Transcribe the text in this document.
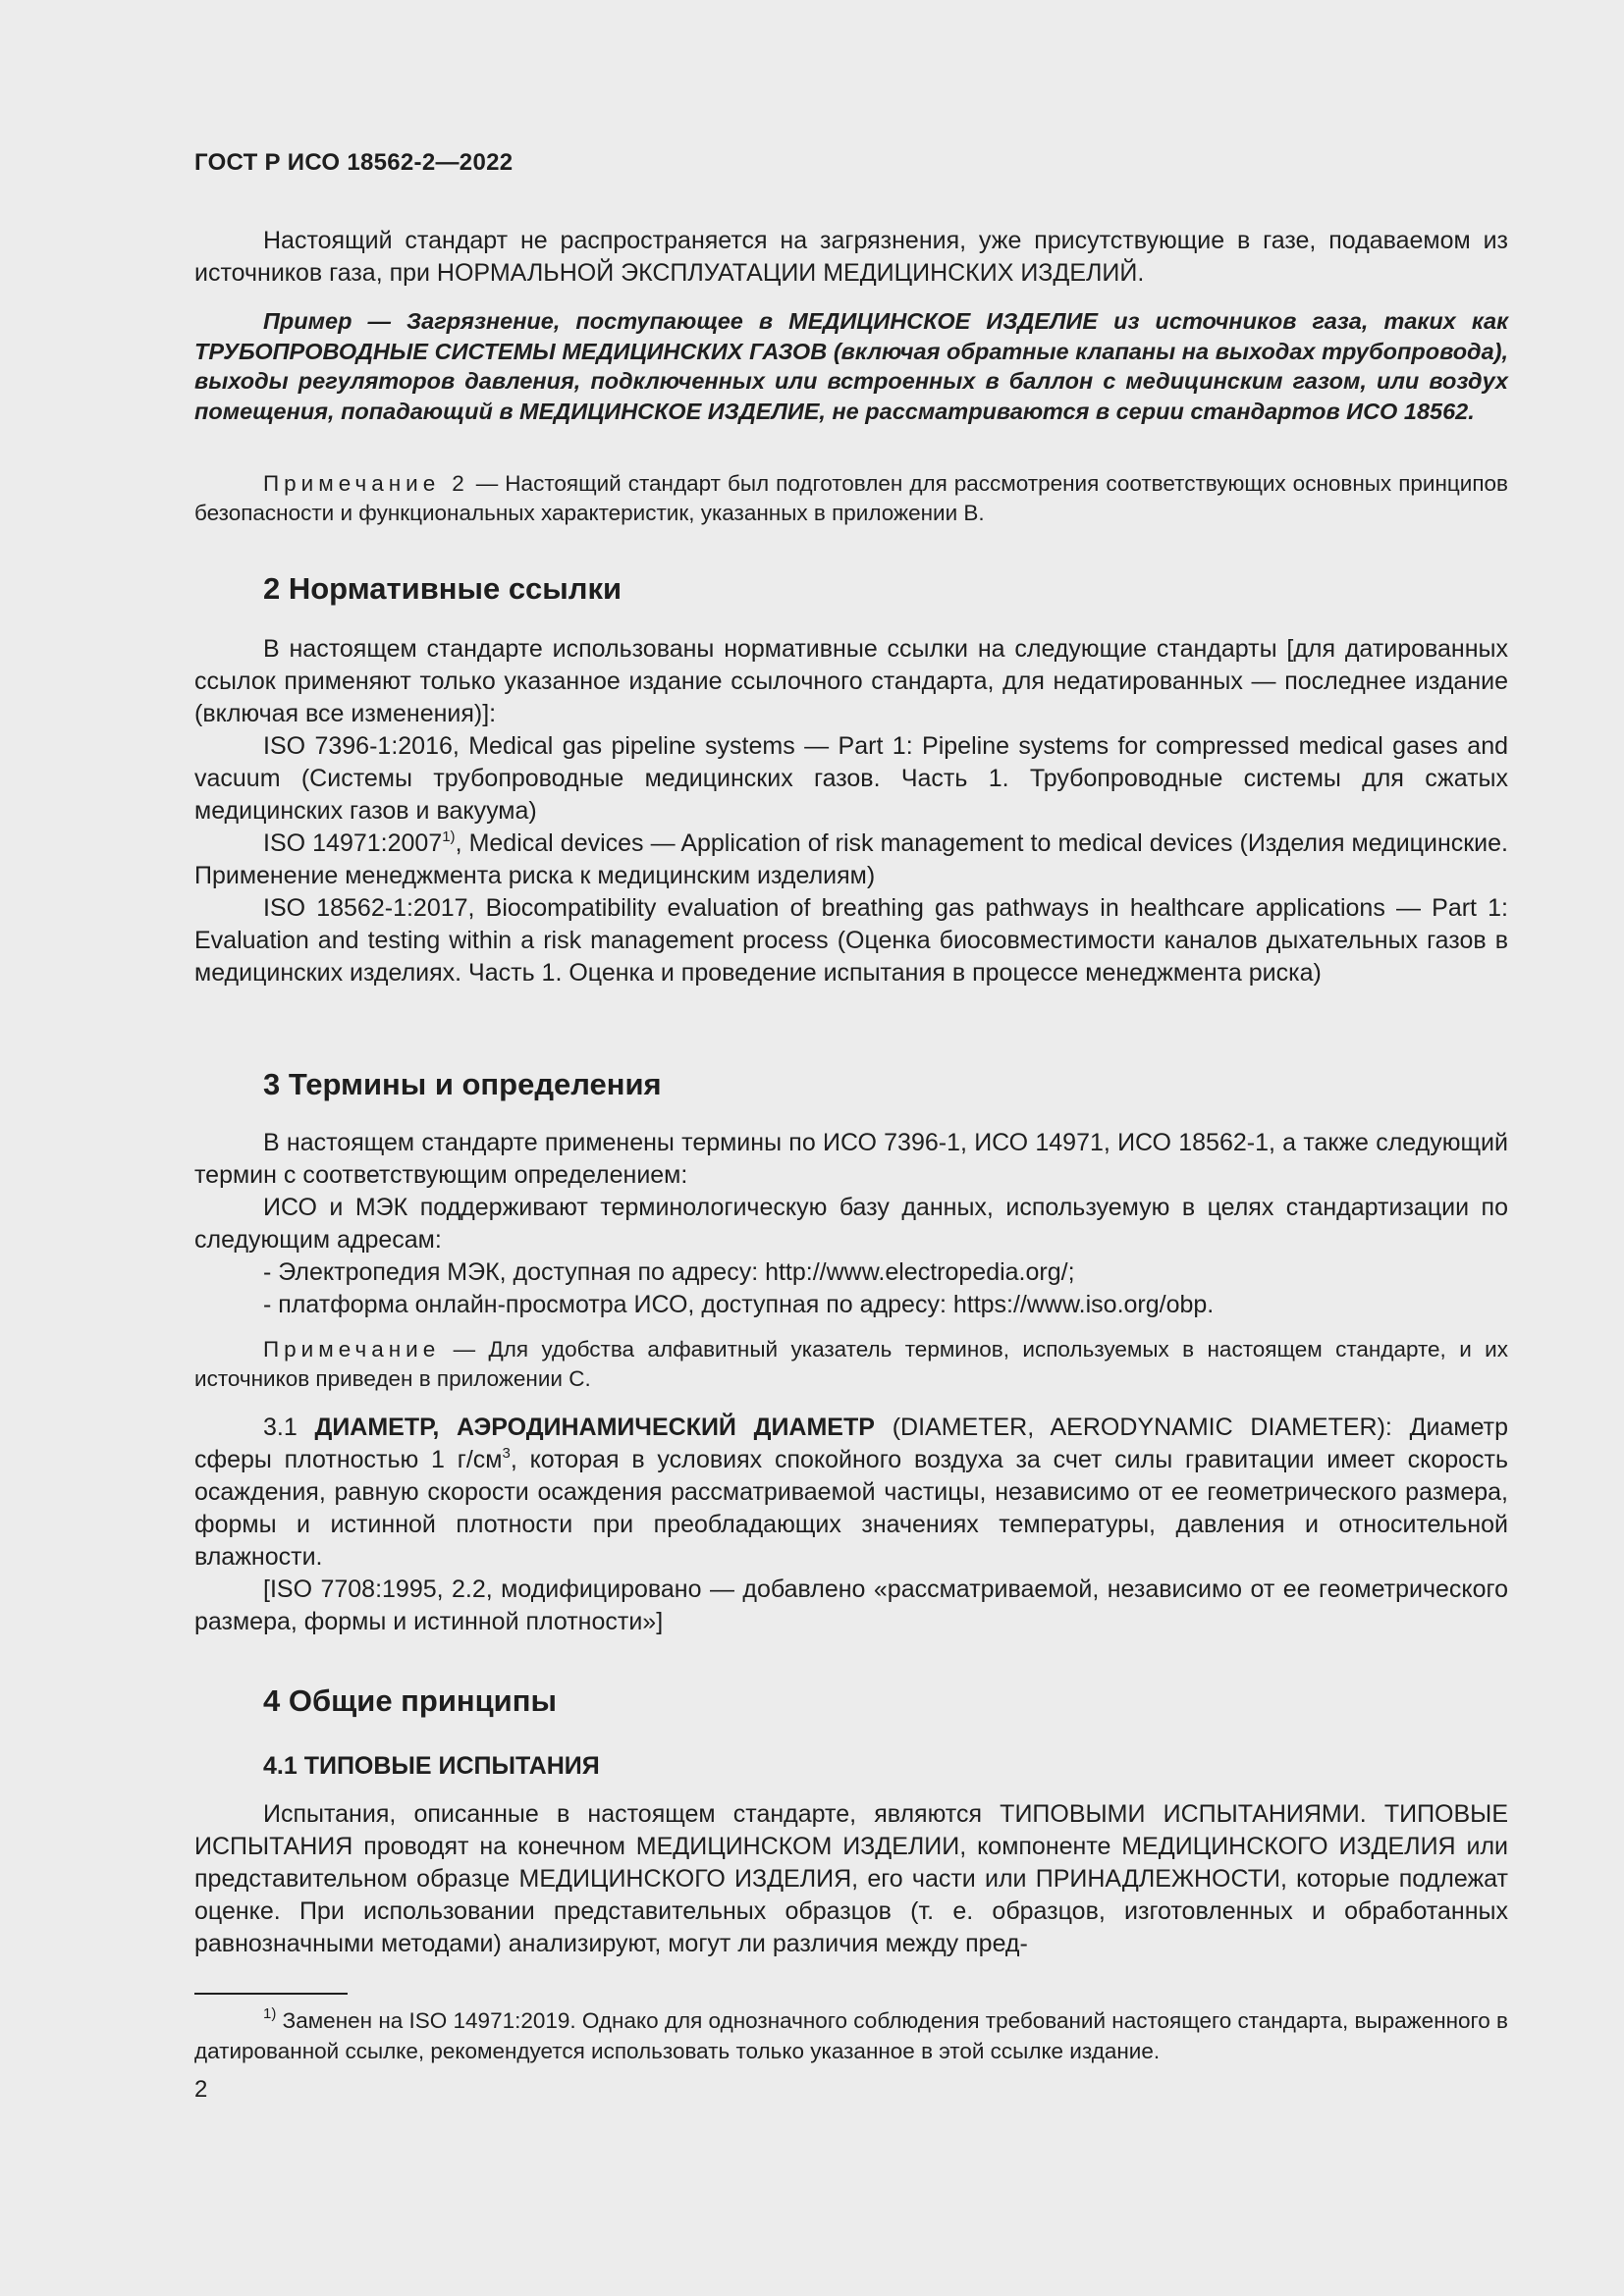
ГОСТ Р ИСО 18562-2—2022

Настоящий стандарт не распространяется на загрязнения, уже присутствующие в газе, подаваемом из источников газа, при НОРМАЛЬНОЙ ЭКСПЛУАТАЦИИ МЕДИЦИНСКИХ ИЗДЕЛИЙ.

Пример — Загрязнение, поступающее в МЕДИЦИНСКОЕ ИЗДЕЛИЕ из источников газа, таких как ТРУБОПРОВОДНЫЕ СИСТЕМЫ МЕДИЦИНСКИХ ГАЗОВ (включая обратные клапаны на выходах трубопровода), выходы регуляторов давления, подключенных или встроенных в баллон с медицинским газом, или воздух помещения, попадающий в МЕДИЦИНСКОЕ ИЗДЕЛИЕ, не рассматриваются в серии стандартов ИСО 18562.

Примечание 2 — Настоящий стандарт был подготовлен для рассмотрения соответствующих основных принципов безопасности и функциональных характеристик, указанных в приложении В.

2 Нормативные ссылки

В настоящем стандарте использованы нормативные ссылки на следующие стандарты [для датированных ссылок применяют только указанное издание ссылочного стандарта, для недатированных — последнее издание (включая все изменения)]:

ISO 7396-1:2016, Medical gas pipeline systems — Part 1: Pipeline systems for compressed medical gases and vacuum (Системы трубопроводные медицинских газов. Часть 1. Трубопроводные системы для сжатых медицинских газов и вакуума)

ISO 14971:2007$^{1)}$, Medical devices — Application of risk management to medical devices (Изделия медицинские. Применение менеджмента риска к медицинским изделиям)

ISO 18562-1:2017, Biocompatibility evaluation of breathing gas pathways in healthcare applications — Part 1: Evaluation and testing within a risk management process (Оценка биосовместимости каналов дыхательных газов в медицинских изделиях. Часть 1. Оценка и проведение испытания в процессе менеджмента риска)

3 Термины и определения

В настоящем стандарте применены термины по ИСО 7396-1, ИСО 14971, ИСО 18562-1, а также следующий термин с соответствующим определением:

ИСО и МЭК поддерживают терминологическую базу данных, используемую в целях стандартизации по следующим адресам:

- Электропедия МЭК, доступная по адресу: http://www.electropedia.org/;

- платформа онлайн-просмотра ИСО, доступная по адресу: https://www.iso.org/obp.

Примечание — Для удобства алфавитный указатель терминов, используемых в настоящем стандарте, и их источников приведен в приложении С.

3.1 ДИАМЕТР, АЭРОДИНАМИЧЕСКИЙ ДИАМЕТР (DIAMETER, AERODYNAMIC DIAMETER): Диаметр сферы плотностью 1 $г/см^3$, которая в условиях спокойного воздуха за счет силы гравитации имеет скорость осаждения, равную скорости осаждения рассматриваемой частицы, независимо от ее геометрического размера, формы и истинной плотности при преобладающих значениях температуры, давления и относительной влажности.

[ISO 7708:1995, 2.2, модифицировано — добавлено «рассматриваемой, независимо от ее геометрического размера, формы и истинной плотности»]

4 Общие принципы
4.1 ТИПОВЫЕ ИСПЫТАНИЯ

Испытания, описанные в настоящем стандарте, являются ТИПОВЫМИ ИСПЫТАНИЯМИ. ТИПОВЫЕ ИСПЫТАНИЯ проводят на конечном МЕДИЦИНСКОМ ИЗДЕЛИИ, компоненте МЕДИЦИНСКОГО ИЗДЕЛИЯ или представительном образце МЕДИЦИНСКОГО ИЗДЕЛИЯ, его части или ПРИНАДЛЕЖНОСТИ, которые подлежат оценке. При использовании представительных образцов (т. е. образцов, изготовленных и обработанных равнозначными методами) анализируют, могут ли различия между пред-

$^{1)}$ Заменен на ISO 14971:2019. Однако для однозначного соблюдения требований настоящего стандарта, выраженного в датированной ссылке, рекомендуется использовать только указанное в этой ссылке издание.

2
